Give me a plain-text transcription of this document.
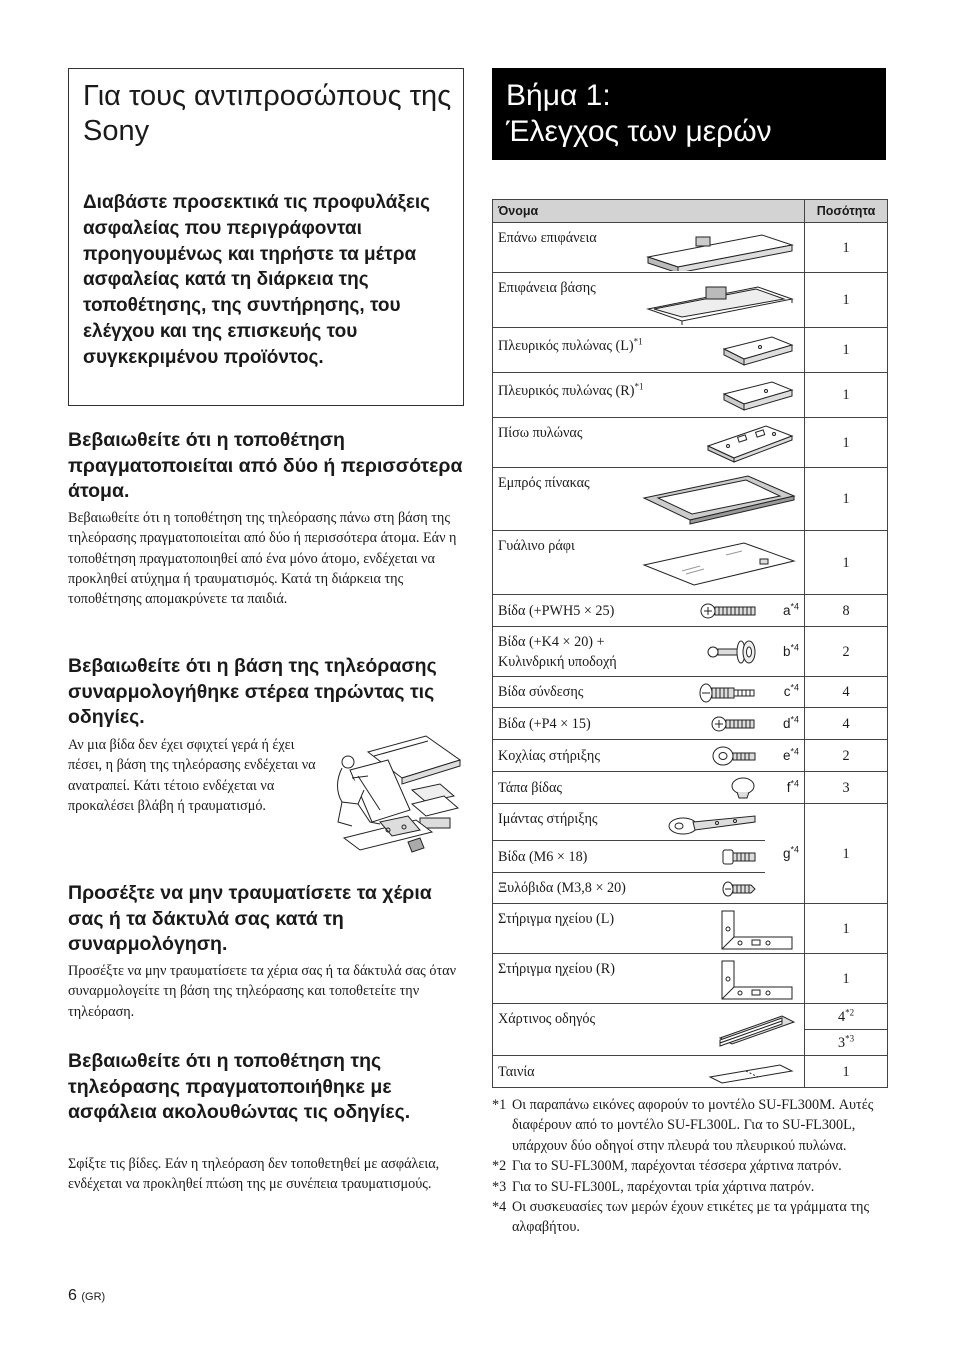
Για τους αντιπροσώπους της Sony
Διαβάστε προσεκτικά τις προφυλάξεις ασφαλείας που περιγράφονται προηγουμένως και τηρήστε τα μέτρα ασφαλείας κατά τη διάρκεια της τοποθέτησης, της συντήρησης, του ελέγχου και της επισκευής του συγκεκριμένου προϊόντος.
Βεβαιωθείτε ότι η τοποθέτηση πραγματοποιείται από δύο ή περισσότερα άτομα.
Βεβαιωθείτε ότι η τοποθέτηση της τηλεόρασης πάνω στη βάση της τηλεόρασης πραγματοποιείται από δύο ή περισσότερα άτομα. Εάν η τοποθέτηση πραγματοποιηθεί από ένα μόνο άτομο, ενδέχεται να προκληθεί ατύχημα ή τραυματισμός. Κατά τη διάρκεια της τοποθέτησης απομακρύνετε τα παιδιά.
Βεβαιωθείτε ότι η βάση της τηλεόρασης συναρμολογήθηκε στέρεα τηρώντας τις οδηγίες.
Αν μια βίδα δεν έχει σφιχτεί γερά ή έχει πέσει, η βάση της τηλεόρασης ενδέχεται να ανατραπεί. Κάτι τέτοιο ενδέχεται να προκαλέσει βλάβη ή τραυματισμό.
Προσέξτε να μην τραυματίσετε τα χέρια σας ή τα δάκτυλά σας κατά τη συναρμολόγηση.
Προσέξτε να μην τραυματίσετε τα χέρια σας ή τα δάκτυλά σας όταν συναρμολογείτε τη βάση της τηλεόρασης και τοποθετείτε την τηλεόραση.
Βεβαιωθείτε ότι η τοποθέτηση της τηλεόρασης πραγματοποιήθηκε με ασφάλεια ακολουθώντας τις οδηγίες.
Σφίξτε τις βίδες. Εάν η τηλεόραση δεν τοποθετηθεί με ασφάλεια, ενδέχεται να προκληθεί πτώση της με συνέπεια τραυματισμούς.
6 (GR)
Βήμα 1:
Έλεγχος των μερών
Όνομα		Ποσότητα

Επάνω επιφάνεια		1

Επιφάνεια βάσης		1
Πλευρικός πυλώνας $(L)^{*1}$		1
Πλευρικός πυλώνας $(R)^{*1}$		1
Πίσω πυλώνας		1
Εμπρός πίνακας		1
Γυάλινο ράφι		1
Βίδα (+PWH5 × 25)	$a^{*4}$	8

Βίδα (+K4 × 20) + Κυλινδρική υποδοχή	$b^{*4}$	2
Βίδα σύνδεσης	$c^{*4}$	4
Βίδα (+P4 × 15)	$d^{*4}$	4
Κοχλίας στήριξης	$e^{*4}$	2
Τάπα βίδας	$f^{*4}$	3
Ιμάντας στήριξης	$g^{*4}$	1
Βίδα (M6 × 18)		

Ξυλόβιδα (M3,8 × 20)		

Στήριγμα ηχείου (L)		1
Στήριγμα ηχείου (R)		1
Χάρτινος οδηγός		4$^{*2}$
		3$^{*3}$
Ταινία		1
*1 Οι παραπάνω εικόνες αφορούν το μοντέλο SU-FL300M. Αυτές διαφέρουν από το μοντέλο SU-FL300L. Για το SU-FL300L, υπάρχουν δύο οδηγοί στην πλευρά του πλευρικού πυλώνα.
*2 Για το SU-FL300M, παρέχονται τέσσερα χάρτινα πατρόν.
*3 Για το SU-FL300L, παρέχονται τρία χάρτινα πατρόν.
*4 Οι συσκευασίες των μερών έχουν ετικέτες με τα γράμματα της αλφαβήτου.
